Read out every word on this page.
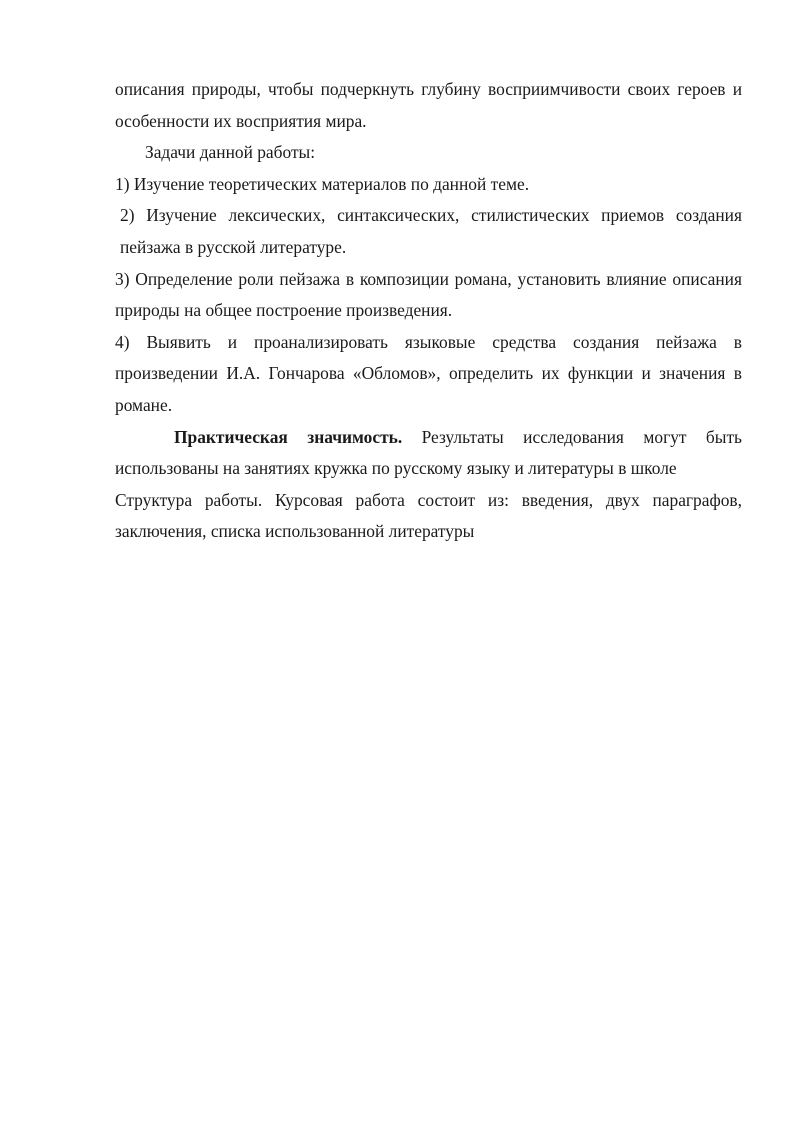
описания природы, чтобы подчеркнуть глубину восприимчивости своих героев и особенности их восприятия мира.

Задачи данной работы:

1) Изучение теоретических материалов по данной теме.

2) Изучение лексических, синтаксических, стилистических приемов создания пейзажа в русской литературе.

3) Определение роли пейзажа в композиции романа, установить влияние описания природы на общее построение произведения.

4) Выявить и проанализировать языковые средства создания пейзажа в произведении И.А. Гончарова «Обломов», определить их функции и значения в романе.

Практическая значимость. Результаты исследования могут быть использованы на занятиях кружка по русскому языку и литературы в школе

Структура работы. Курсовая работа состоит из: введения, двух параграфов, заключения, списка использованной литературы
